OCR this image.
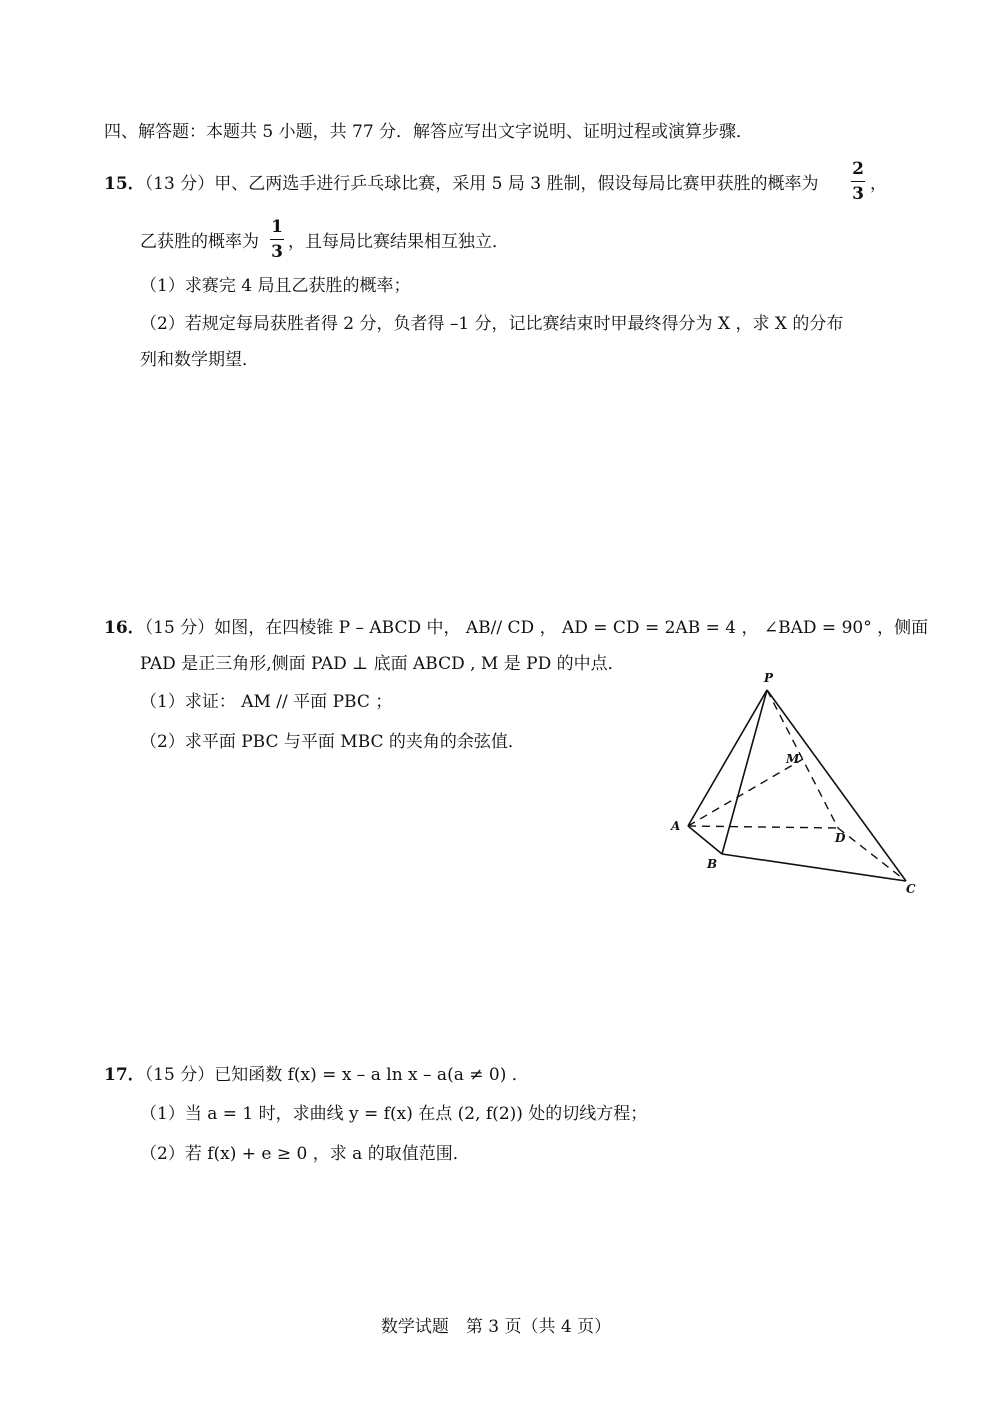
四、解答题：本题共 5 小题，共 77 分．解答应写出文字说明、证明过程或演算步骤．
15．（13 分）甲、乙两选手进行乒乓球比赛，采用 5 局 3 胜制，假设每局比赛甲获胜的概率为
2
3 ，
乙获胜的概率为
1
3 ，且每局比赛结果相互独立．
（1）求赛完 4 局且乙获胜的概率；
（2）若规定每局获胜者得 2 分，负者得 –1 分，记比赛结束时甲最终得分为 X ，求 X 的分布
列和数学期望．
16．（15 分）如图，在四棱锥 P – ABCD 中， AB// CD ， AD = CD = 2AB = 4 ， ∠BAD = 90° ，侧面
PAD 是正三角形,侧面 PAD ⊥ 底面 ABCD , M 是 PD 的中点．
（1）求证： AM // 平面 PBC ；
（2）求平面 PBC 与平面 MBC 的夹角的余弦值．
P
M
A
D
B
C
17．（15 分）已知函数 f(x) = x – a ln x – a(a ≠ 0) ．
（1）当 a = 1 时，求曲线 y = f(x) 在点 (2, f(2)) 处的切线方程；
（2）若 f(x) + e ≥ 0 ，求 a 的取值范围．
数学试题　第 3 页（共 4 页）
